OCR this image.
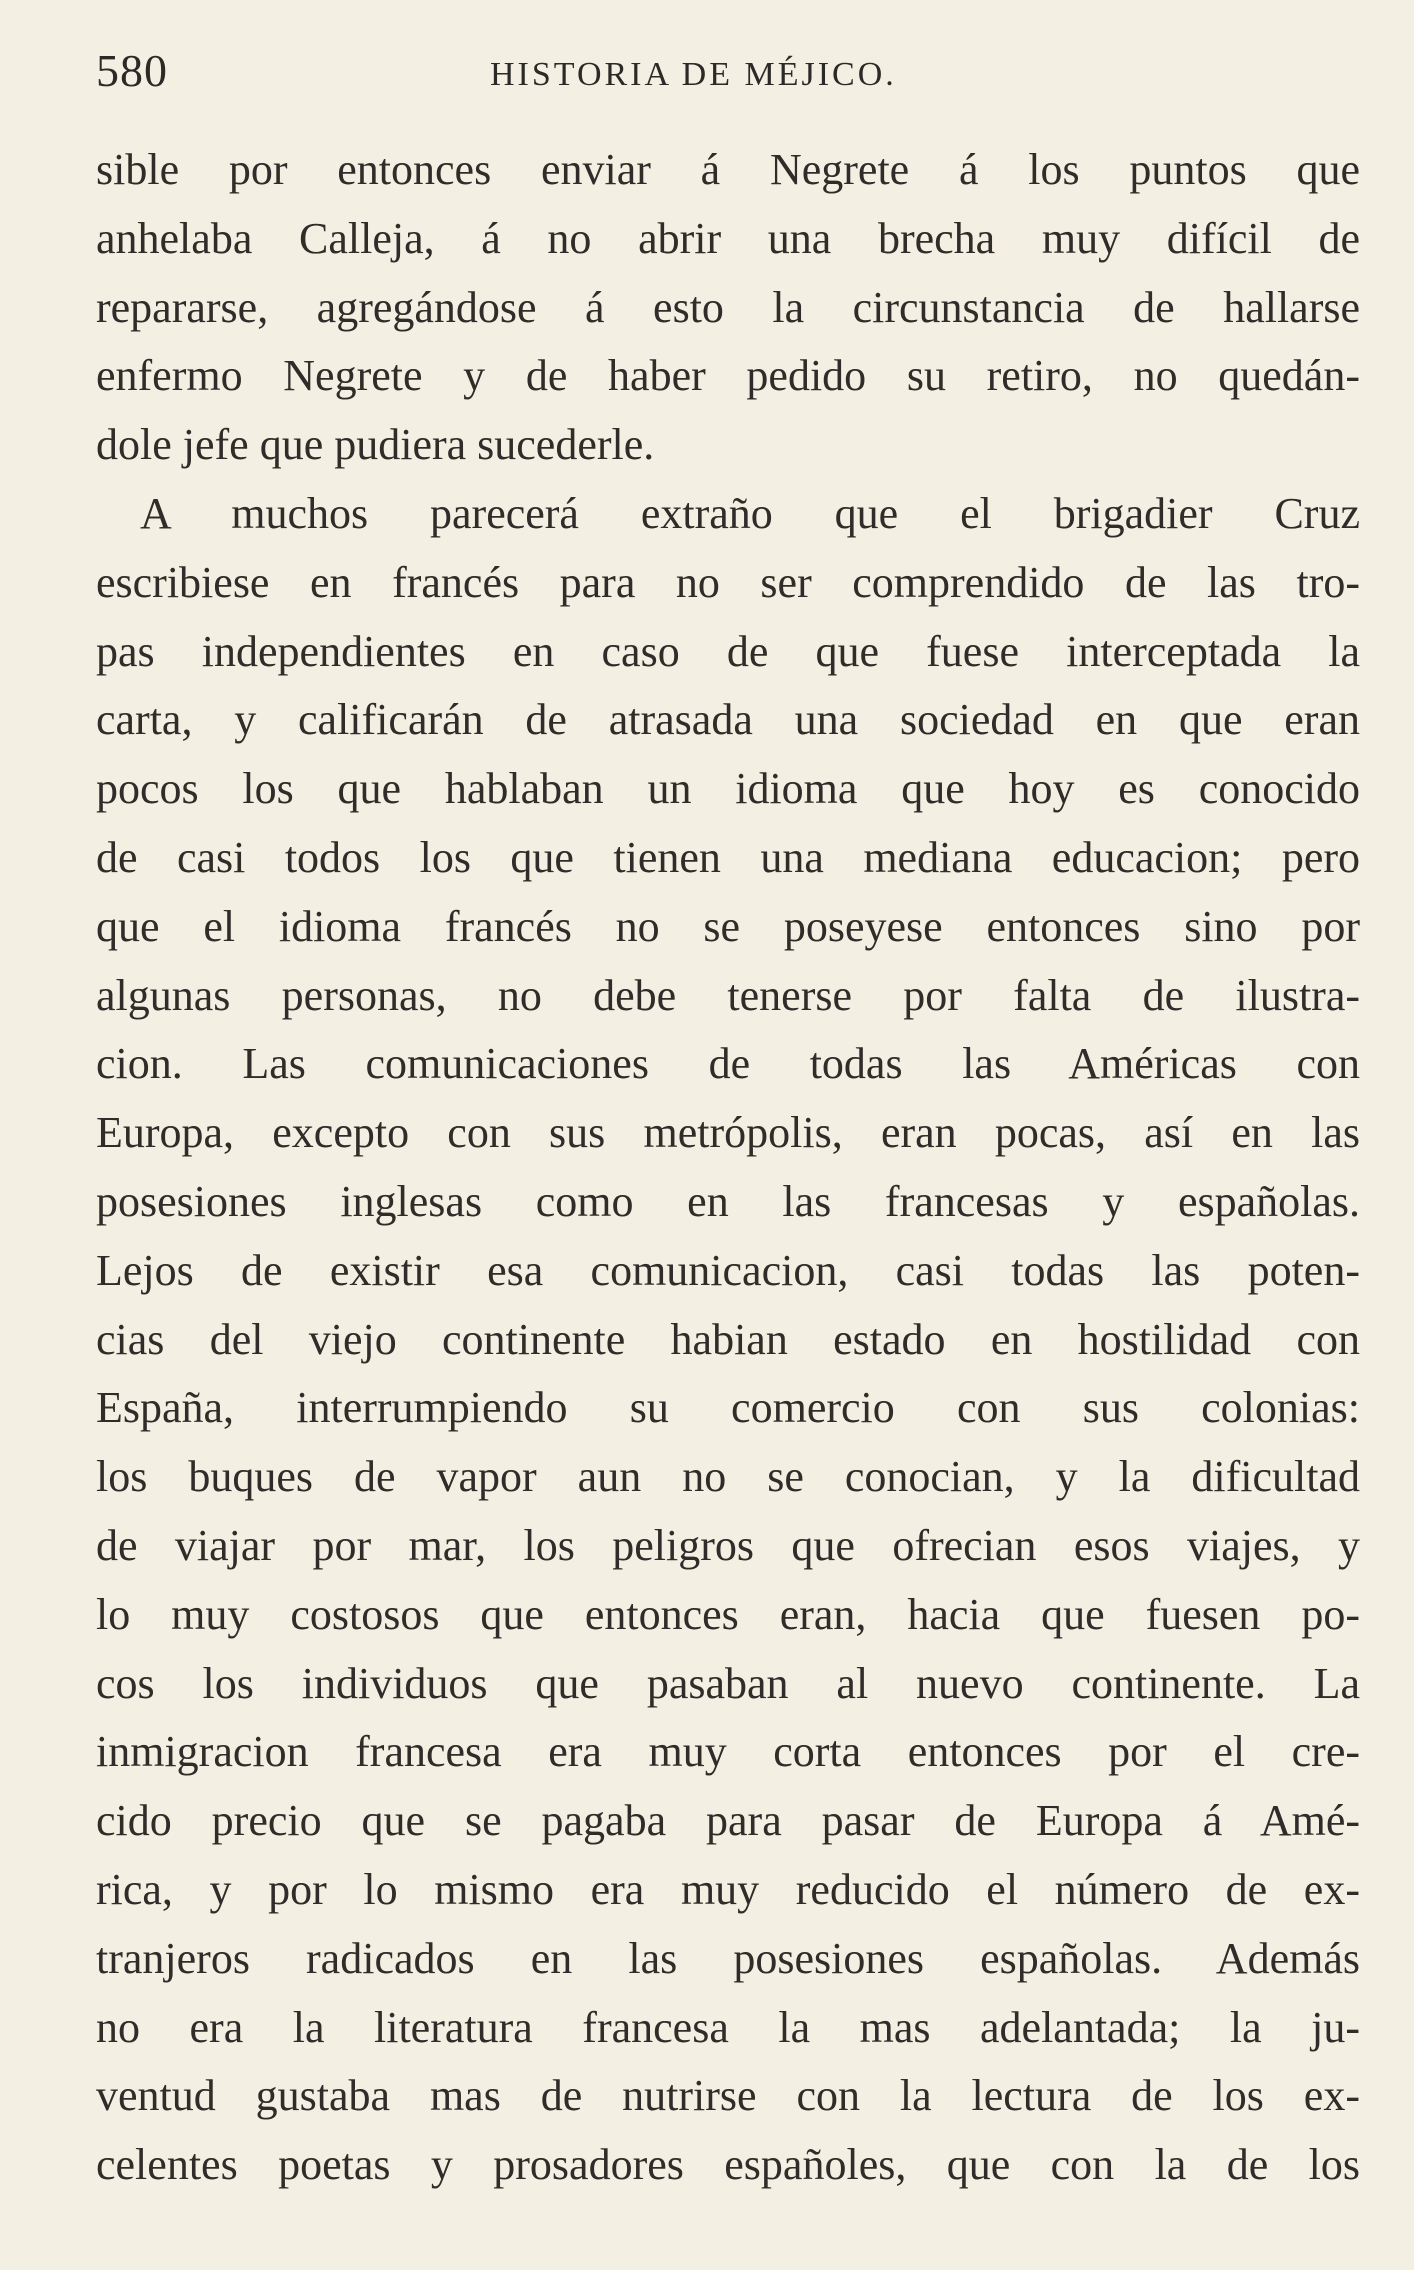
580	HISTORIA DE MÉJICO.
sible por entonces enviar á Negrete á los puntos que
anhelaba Calleja, á no abrir una brecha muy difícil de
repararse, agregándose á esto la circunstancia de hallarse
enfermo Negrete y de haber pedido su retiro, no quedán-
dole jefe que pudiera sucederle.
A muchos parecerá extraño que el brigadier Cruz
escribiese en francés para no ser comprendido de las tro-
pas independientes en caso de que fuese interceptada la
carta, y calificarán de atrasada una sociedad en que eran
pocos los que hablaban un idioma que hoy es conocido
de casi todos los que tienen una mediana educacion; pero
que el idioma francés no se poseyese entonces sino por
algunas personas, no debe tenerse por falta de ilustra-
cion. Las comunicaciones de todas las Américas con
Europa, excepto con sus metrópolis, eran pocas, así en las
posesiones inglesas como en las francesas y españolas.
Lejos de existir esa comunicacion, casi todas las poten-
cias del viejo continente habian estado en hostilidad con
España, interrumpiendo su comercio con sus colonias:
los buques de vapor aun no se conocian, y la dificultad
de viajar por mar, los peligros que ofrecian esos viajes, y
lo muy costosos que entonces eran, hacia que fuesen po-
cos los individuos que pasaban al nuevo continente. La
inmigracion francesa era muy corta entonces por el cre-
cido precio que se pagaba para pasar de Europa á Amé-
rica, y por lo mismo era muy reducido el número de ex-
tranjeros radicados en las posesiones españolas. Además
no era la literatura francesa la mas adelantada; la ju-
ventud gustaba mas de nutrirse con la lectura de los ex-
celentes poetas y prosadores españoles, que con la de los
